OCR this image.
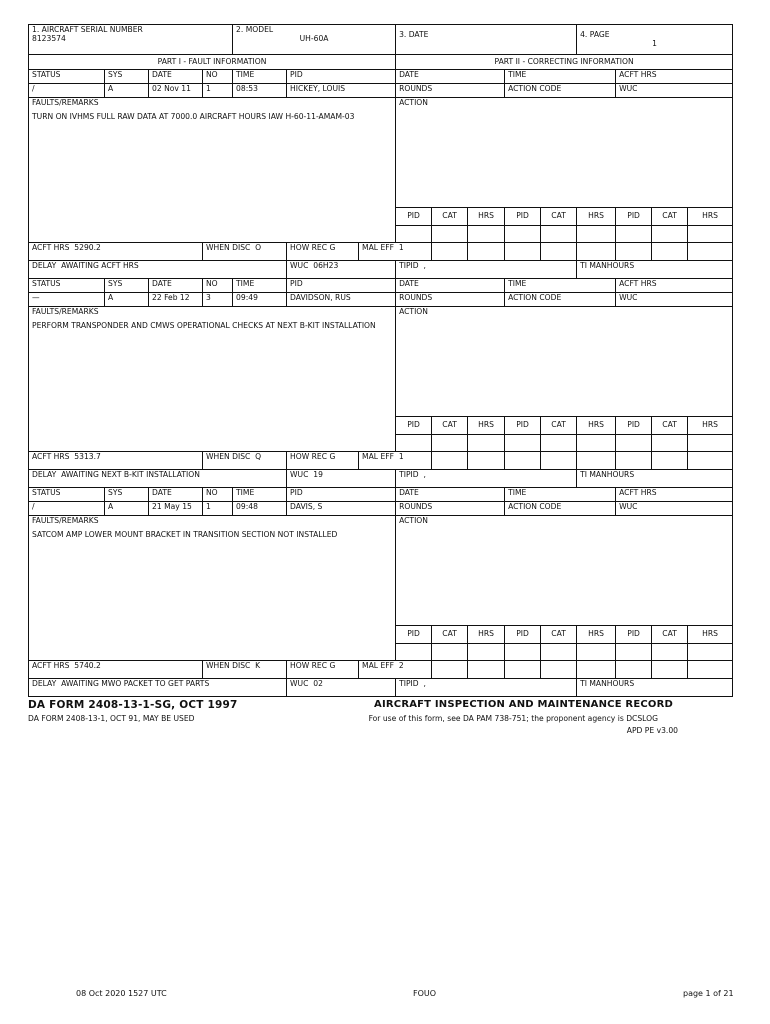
1. AIRCRAFT SERIAL NUMBER
8123574				2. MODEL
UH-60A			3. DATE					4. PAGE
1			

PART I - FAULT INFORMATION							PART II - CORRECTING INFORMATION								
STATUS	SYS	DATE	NO	TIME	PID		DATE			TIME			ACFT HRS		
/	A	02 Nov 11	1	08:53	HICKEY, LOUIS		ROUNDS			ACTION CODE			WUC		
FAULTS/REMARKS
TURN ON IVHMS FULL RAW DATA AT 7000.0 AIRCRAFT HOURS IAW H-60-11-AMAM-03							ACTION								
							PID	CAT	HRS	PID	CAT	HRS	PID	CAT	HRS

ACFT HRS 5290.2			WHEN DISC O		HOW REC G	MAL EFF 1									
DELAY AWAITING ACFT HRS					WUC 06H23		TIPID ,					TI MANHOURS			
STATUS	SYS	DATE	NO	TIME	PID		DATE			TIME			ACFT HRS		
—	A	22 Feb 12	3	09:49	DAVIDSON, RUS		ROUNDS			ACTION CODE			WUC		
FAULTS/REMARKS
PERFORM TRANSPONDER AND CMWS OPERATIONAL CHECKS AT NEXT B-KIT INSTALLATION							ACTION								
							PID	CAT	HRS	PID	CAT	HRS	PID	CAT	HRS

ACFT HRS 5313.7			WHEN DISC Q		HOW REC G	MAL EFF 1									
DELAY AWAITING NEXT B-KIT INSTALLATION					WUC 19		TIPID ,					TI MANHOURS			
STATUS	SYS	DATE	NO	TIME	PID		DATE			TIME			ACFT HRS		
/	A	21 May 15	1	09:48	DAVIS, S		ROUNDS			ACTION CODE			WUC		
FAULTS/REMARKS
SATCOM AMP LOWER MOUNT BRACKET IN TRANSITION SECTION NOT INSTALLED							ACTION								
							PID	CAT	HRS	PID	CAT	HRS	PID	CAT	HRS

ACFT HRS 5740.2			WHEN DISC K		HOW REC G	MAL EFF 2									
DELAY AWAITING MWO PACKET TO GET PARTS					WUC 02		TIPID ,					TI MANHOURS			
DA FORM 2408-13-1-SG, OCT 1997
DA FORM 2408-13-1, OCT 91, MAY BE USED
AIRCRAFT INSPECTION AND MAINTENANCE RECORD
For use of this form, see DA PAM 738-751; the proponent agency is DCSLOG
APD PE v3.00
08 Oct 2020 1527 UTC	FOUO	page 1 of 21
